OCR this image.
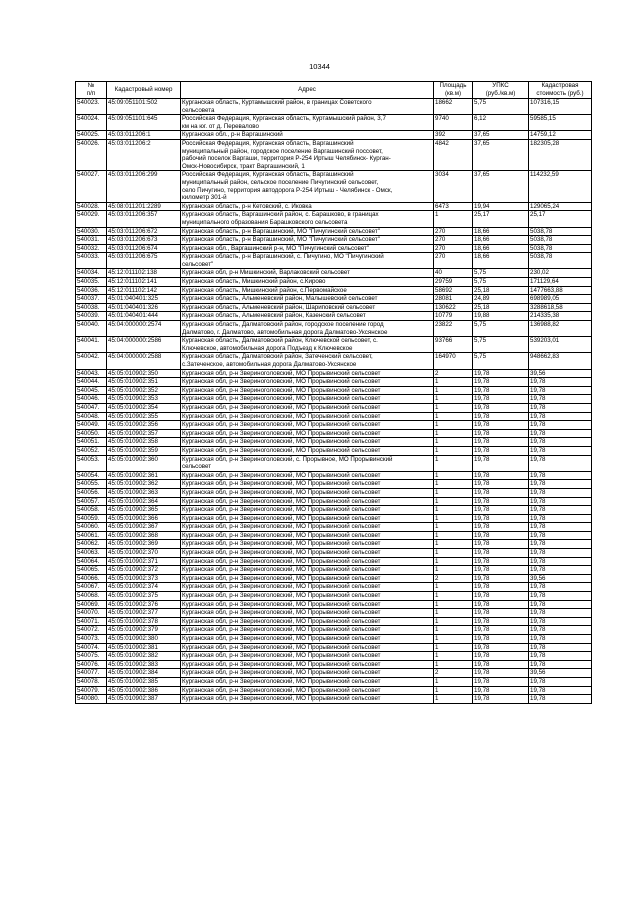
10344
№
п/п	Кадастровый номер	Адрес	Площадь
(кв.м)	УПКС
(руб./кв.м)	Кадастровая
стоимость (руб.)
540023.	45:09:051101:502	Курганская область, Куртамышский район, в границах Советского
сельсовета	18662	5,75	107316,15
540024.	45:09:051101:645	Российская Федерация, Курганская область, Куртамышский район, 3,7
км на юг. от д. Перевалово	9740	6,12	59585,15
540025.	45:03:011206:1	Курганская обл., р-н Варгашинский	392	37,65	14759,12
540026.	45:03:011206:2	Российская Федерация, Курганская область, Варгашинский
муниципальный район, городское поселение Варгашинский поссовет,
рабочий поселок Варгаши, территория Р-254 Иртыш Челябинск- Курган-
Омск-Новосибирск, тракт Варгашинский, 1	4842	37,65	182305,28
540027.	45:03:011206:299	Российская Федерация, Курганская область, Варгашинский
муниципальный район, сельское поселение Пичугинский сельсовет,
село Пичугино, территория автодорога Р-254 Иртыш - Челябинск - Омск,
километр 301-й	3034	37,65	114232,59
540028.	45:08:011201:2289	Курганская область, р-н Кетовский, с. Иковка	6473	19,94	129065,24
540029.	45:03:011206:357	Курганская область, Варгашинский район, с. Барашково, в границах
муниципального образования Барашковского сельсовета	1	25,17	25,17
540030.	45:03:011206:672	Курганская область, р-н Варгашинский, МО "Пичугинский сельсовет"	270	18,66	5038,78
540031.	45:03:011206:673	Курганская область, р-н Варгашинский, МО "Пичугинский сельсовет"	270	18,66	5038,78
540032.	45:03:011206:674	Курганская обл., Варгашинский р-н, МО "Пичугинский сельсовет"	270	18,66	5038,78
540033.	45:03:011206:675	Курганская область, р-н Варгашинский, с. Пичугино, МО "Пичугинский
сельсовет"	270	18,66	5038,78
540034.	45:12:011102:138	Курганская обл, р-н Мишкинский, Варлаковский сельсовет	40	5,75	230,02
540035.	45:12:011102:141	Курганская область, Мишкинский район, с.Кирово	29759	5,75	171129,64
540036.	45:12:011102:142	Курганская область, Мишкинский район, с.Первомайское	58692	25,18	1477663,88
540037.	45:01:040401:325	Курганская область, Альменевский район, Малышевский сельсовет	28081	24,89	698989,05
540038.	45:01:040401:326	Курганская область, Альменевский район, Шариповский сельсовет	130622	25,18	3288618,58
540039.	45:01:040401:444	Курганская область, Альменевский район, Казенский сельсовет	10779	19,88	214335,38
540040.	45:04:000000:2574	Курганская область, Далматовский район, городское поселение город
Далматово, г. Далматово, автомобильная дорога Далматово-Уксянское	23822	5,75	136988,82
540041.	45:04:000000:2586	Курганская область, Далматовский район, Ключевской сельсовет, с.
Ключевское, автомобильная дорога Подъезд к Ключевское	93766	5,75	539203,01
540042.	45:04:000000:2588	Курганская область, Далматовский район, Затеченский сельсовет,
с.Затеченское, автомобильная дорога Далматово-Уксянское	164970	5,75	948662,83
540043.	45:05:010902:350	Курганская обл, р-н Звериноголовский, МО Прорывинский сельсовет	2	19,78	39,56
540044.	45:05:010902:351	Курганская обл, р-н Звериноголовский, МО Прорывинский сельсовет	1	19,78	19,78
540045.	45:05:010902:352	Курганская обл, р-н Звериноголовский, МО Прорывинский сельсовет	1	19,78	19,78
540046.	45:05:010902:353	Курганская обл, р-н Звериноголовский, МО Прорывинский сельсовет	1	19,78	19,78
540047.	45:05:010902:354	Курганская обл, р-н Звериноголовский, МО Прорывинский сельсовет	1	19,78	19,78
540048.	45:05:010902:355	Курганская обл, р-н Звериноголовский, МО Прорывинский сельсовет	1	19,78	19,78
540049.	45:05:010902:356	Курганская обл, р-н Звериноголовский, МО Прорывинский сельсовет	1	19,78	19,78
540050.	45:05:010902:357	Курганская обл, р-н Звериноголовский, МО Прорывинский сельсовет	1	19,78	19,78
540051.	45:05:010902:358	Курганская обл, р-н Звериноголовский, МО Прорывинский сельсовет	1	19,78	19,78
540052.	45:05:010902:359	Курганская обл, р-н Звериноголовский, МО Прорывинский сельсовет	1	19,78	19,78
540053.	45:05:010902:360	Курганская обл, р-н Звериноголовский, с. Прорывное, МО Прорывинский
сельсовет	1	19,78	19,78
540054.	45:05:010902:361	Курганская обл, р-н Звериноголовский, МО Прорывинский сельсовет	1	19,78	19,78
540055.	45:05:010902:362	Курганская обл, р-н Звериноголовский, МО Прорывинский сельсовет	1	19,78	19,78
540056.	45:05:010902:363	Курганская обл, р-н Звериноголовский, МО Прорывинский сельсовет	1	19,78	19,78
540057.	45:05:010902:364	Курганская обл, р-н Звериноголовский, МО Прорывинский сельсовет	1	19,78	19,78
540058.	45:05:010902:365	Курганская обл, р-н Звериноголовский, МО Прорывинский сельсовет	1	19,78	19,78
540059.	45:05:010902:366	Курганская обл, р-н Звериноголовский, МО Прорывинский сельсовет	1	19,78	19,78
540060.	45:05:010902:367	Курганская обл, р-н Звериноголовский, МО Прорывинский сельсовет	1	19,78	19,78
540061.	45:05:010902:368	Курганская обл, р-н Звериноголовский, МО Прорывинский сельсовет	1	19,78	19,78
540062.	45:05:010902:369	Курганская обл, р-н Звериноголовский, МО Прорывинский сельсовет	1	19,78	19,78
540063.	45:05:010902:370	Курганская обл, р-н Звериноголовский, МО Прорывинский сельсовет	1	19,78	19,78
540064.	45:05:010902:371	Курганская обл, р-н Звериноголовский, МО Прорывинский сельсовет	1	19,78	19,78
540065.	45:05:010902:372	Курганская обл, р-н Звериноголовский, МО Прорывинский сельсовет	1	19,78	19,78
540066.	45:05:010902:373	Курганская обл, р-н Звериноголовский, МО Прорывинский сельсовет	2	19,78	39,56
540067.	45:05:010902:374	Курганская обл, р-н Звериноголовский, МО Прорывинский сельсовет	1	19,78	19,78
540068.	45:05:010902:375	Курганская обл, р-н Звериноголовский, МО Прорывинский сельсовет	1	19,78	19,78
540069.	45:05:010902:376	Курганская обл, р-н Звериноголовский, МО Прорывинский сельсовет	1	19,78	19,78
540070.	45:05:010902:377	Курганская обл, р-н Звериноголовский, МО Прорывинский сельсовет	1	19,78	19,78
540071.	45:05:010902:378	Курганская обл, р-н Звериноголовский, МО Прорывинский сельсовет	1	19,78	19,78
540072.	45:05:010902:379	Курганская обл, р-н Звериноголовский, МО Прорывинский сельсовет	1	19,78	19,78
540073.	45:05:010902:380	Курганская обл, р-н Звериноголовский, МО Прорывинский сельсовет	1	19,78	19,78
540074.	45:05:010902:381	Курганская обл, р-н Звериноголовский, МО Прорывинский сельсовет	1	19,78	19,78
540075.	45:05:010902:382	Курганская обл, р-н Звериноголовский, МО Прорывинский сельсовет	1	19,78	19,78
540076.	45:05:010902:383	Курганская обл, р-н Звериноголовский, МО Прорывинский сельсовет	1	19,78	19,78
540077.	45:05:010902:384	Курганская обл, р-н Звериноголовский, МО Прорывинский сельсовет	2	19,78	39,56
540078.	45:05:010902:385	Курганская обл, р-н Звериноголовский, МО Прорывинский сельсовет	1	19,78	19,78
540079.	45:05:010902:386	Курганская обл, р-н Звериноголовский, МО Прорывинский сельсовет	1	19,78	19,78
540080.	45:05:010902:387	Курганская обл, р-н Звериноголовский, МО Прорывинский сельсовет	1	19,78	19,78
